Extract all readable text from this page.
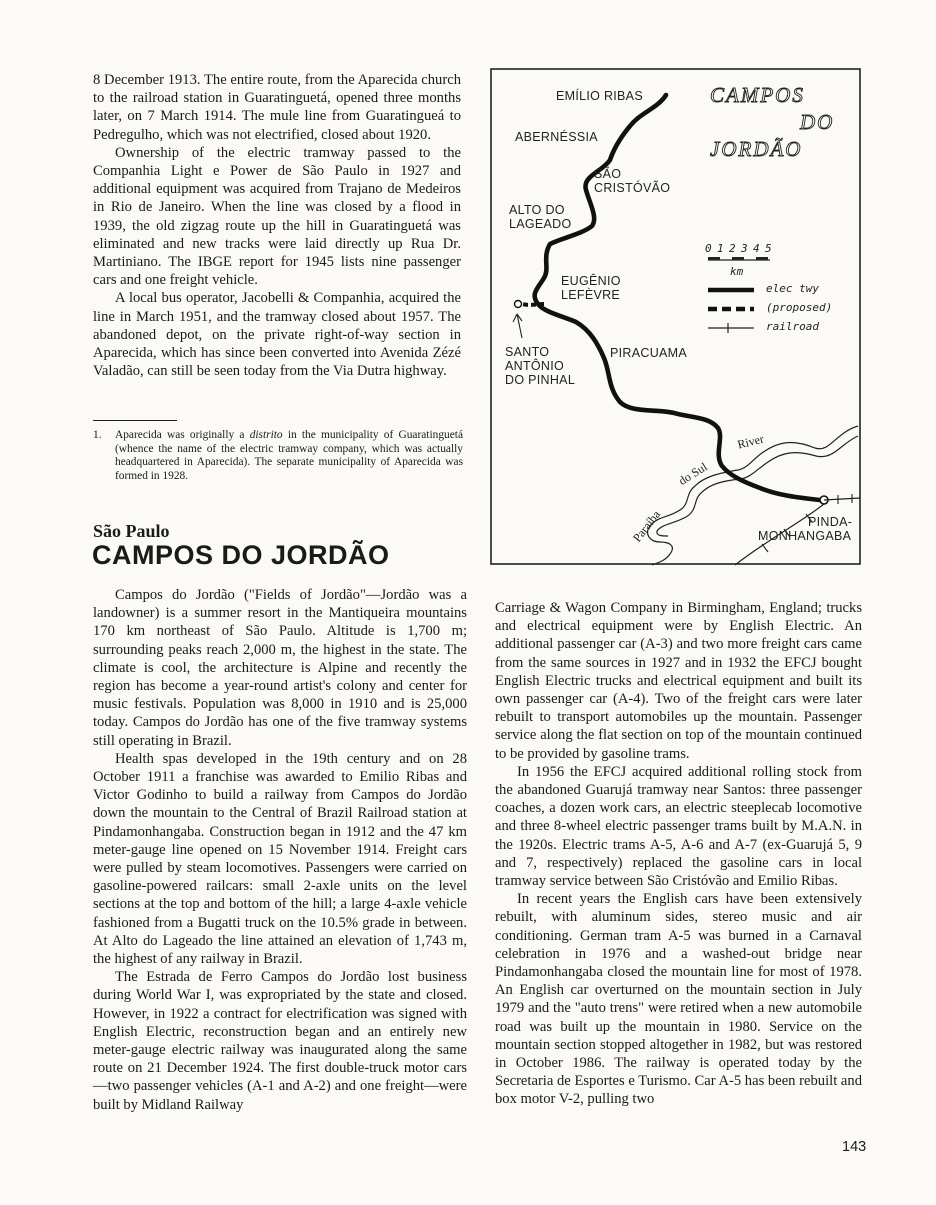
8 December 1913. The entire route, from the Aparecida church to the railroad station in Guaratinguetá, opened three months later, on 7 March 1914. The mule line from Guaratingueá to Pedregulho, which was not electrified, closed about 1920.

Ownership of the electric tramway passed to the Companhia Light e Power de São Paulo in 1927 and additional equipment was acquired from Trajano de Medeiros in Rio de Janeiro. When the line was closed by a flood in 1939, the old zigzag route up the hill in Guaratinguetá was eliminated and new tracks were laid directly up Rua Dr. Martiniano. The IBGE report for 1945 lists nine passenger cars and one freight vehicle.

A local bus operator, Jacobelli & Companhia, acquired the line in March 1951, and the tramway closed about 1957. The abandoned depot, on the private right-of-way section in Aparecida, which has since been converted into Avenida Zézé Valadão, can still be seen today from the Via Dutra highway.

1. Aparecida was originally a distrito in the municipality of Guaratinguetá (whence the name of the electric tramway company, which was actually headquartered in Aparecida). The separate municipality of Aparecida was formed in 1928.
São Paulo
CAMPOS DO JORDÃO

Campos do Jordão ("Fields of Jordão"—Jordão was a landowner) is a summer resort in the Mantiqueira mountains 170 km northeast of São Paulo. Altitude is 1,700 m; surrounding peaks reach 2,000 m, the highest in the state. The climate is cool, the architecture is Alpine and recently the region has become a year-round artist's colony and center for music festivals. Population was 8,000 in 1910 and is 25,000 today. Campos do Jordão has one of the five tramway systems still operating in Brazil.

Health spas developed in the 19th century and on 28 October 1911 a franchise was awarded to Emilio Ribas and Victor Godinho to build a railway from Campos do Jordão down the mountain to the Central of Brazil Railroad station at Pindamonhangaba. Construction began in 1912 and the 47 km meter-gauge line opened on 15 November 1914. Freight cars were pulled by steam locomotives. Passengers were carried on gasoline-powered railcars: small 2-axle units on the level sections at the top and bottom of the hill; a large 4-axle vehicle fashioned from a Bugatti truck on the 10.5% grade in between. At Alto do Lageado the line attained an elevation of 1,743 m, the highest of any railway in Brazil.

The Estrada de Ferro Campos do Jordão lost business during World War I, was expropriated by the state and closed. However, in 1922 a contract for electrification was signed with English Electric, reconstruction began and an entirely new meter-gauge electric railway was inaugurated along the same route on 21 December 1924. The first double-truck motor cars—two passenger vehicles (A-1 and A-2) and one freight—were built by Midland Railway

Carriage & Wagon Company in Birmingham, England; trucks and electrical equipment were by English Electric. An additional passenger car (A-3) and two more freight cars came from the same sources in 1927 and in 1932 the EFCJ bought English Electric trucks and electrical equipment and built its own passenger car (A-4). Two of the freight cars were later rebuilt to transport automobiles up the mountain. Passenger service along the flat section on top of the mountain continued to be provided by gasoline trams.

In 1956 the EFCJ acquired additional rolling stock from the abandoned Guarujá tramway near Santos: three passenger coaches, a dozen work cars, an electric steeplecab locomotive and three 8-wheel electric passenger trams built by M.A.N. in the 1920s. Electric trams A-5, A-6 and A-7 (ex-Guarujá 5, 9 and 7, respectively) replaced the gasoline cars in local tramway service between São Cristóvão and Emilio Ribas.

In recent years the English cars have been extensively rebuilt, with aluminum sides, stereo music and air conditioning. German tram A-5 was burned in a Carnaval celebration in 1976 and a washed-out bridge near Pindamonhangaba closed the mountain line for most of 1978. An English car overturned on the mountain section in July 1979 and the "auto trens" were retired when a new automobile road was built up the mountain in 1980. Service on the mountain section stopped altogether in 1982, but was restored in October 1986. The railway is operated today by the Secretaria de Esportes e Turismo. Car A-5 has been rebuilt and box motor V-2, pulling two

143
CAMPOS
DO
JORDÃO
EMÍLIO RIBAS
ABERNÉSSIA
SÃO
CRISTÓVÃO
ALTO DO
LAGEADO
EUGÊNIO
LEFÈVRE
SANTO
ANTÔNIO
DO PINHAL
PIRACUAMA
PINDA-
MONHANGABA
River
do Sul
Paraíba
0 1 2 3 4 5
km
elec twy
(proposed)
railroad
